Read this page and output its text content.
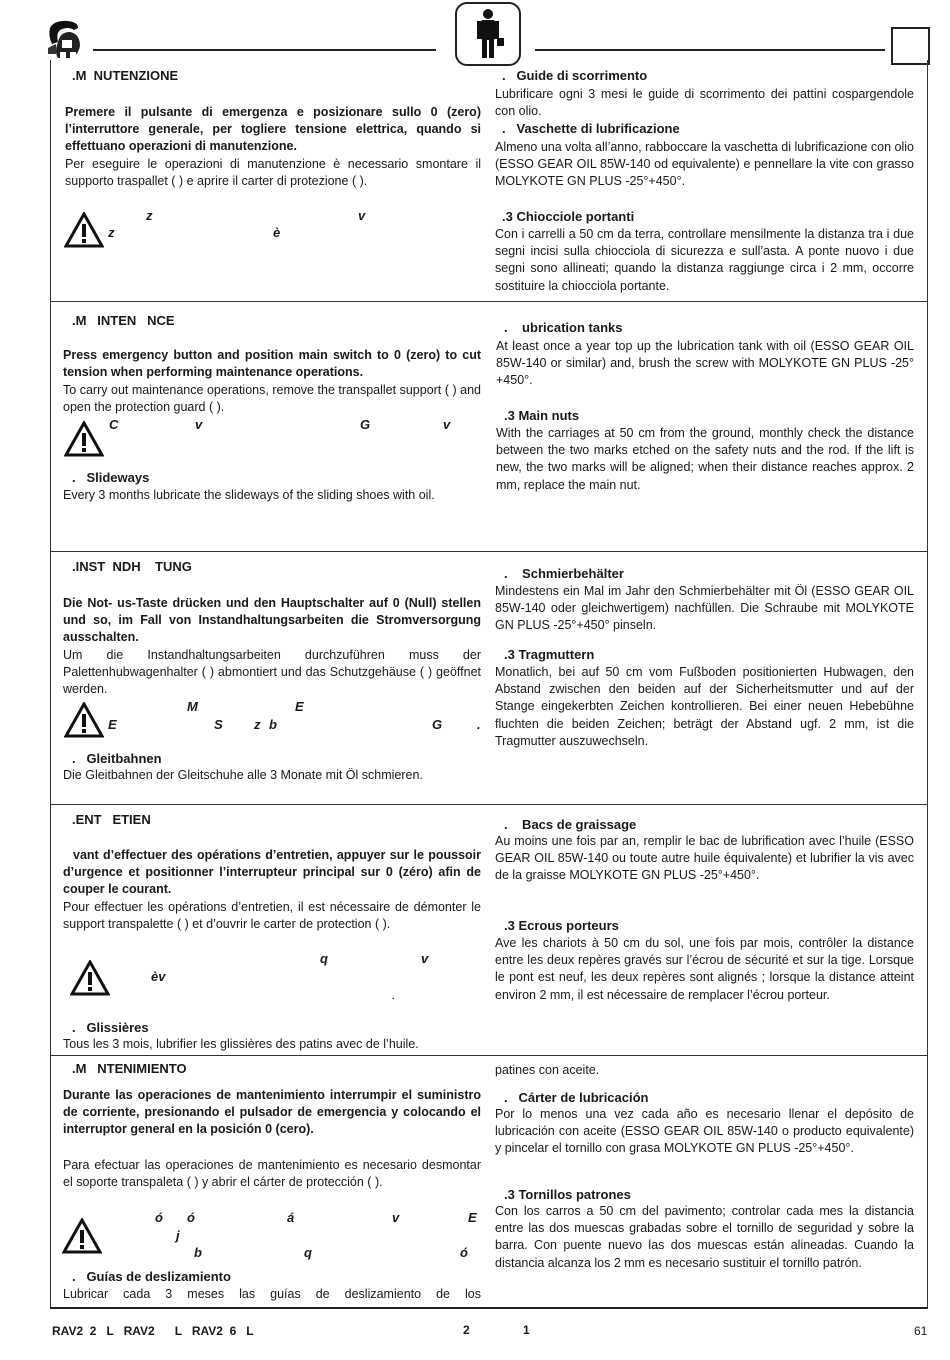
.M  NUTENZIONE

Premere il pulsante di emergenza e posizionare sullo 0 (zero) l’interruttore generale, per togliere tensione elettrica, quando si effettuano operazioni di manutenzione.

Per eseguire le operazioni di manutenzione è necessario smontare il supporto traspallet ( ) e aprire il carter di protezione ( ).

z	v
z	è
.   Guide di scorrimento

Lubrificare ogni 3 mesi le guide di scorrimento dei pattini cospargendole con olio.

.   Vaschette di lubrificazione

Almeno una volta all’anno, rabboccare la vaschetta di lubrificazione con olio (ESSO GEAR OIL 85W-140 od equivalente) e pennellare la vite con grasso MOLYKOTE GN PLUS -25°+450°.

.3 Chiocciole portanti

Con i carrelli a 50 cm da terra, controllare mensilmente la distanza tra i due segni incisi sulla chiocciola di sicurezza e sull’asta. A ponte nuovo i due segni sono allineati; quando la distanza raggiunge circa i 2 mm, occorre sostituire la chiocciola portante.

.M   INTEN   NCE

Press emergency button and position main switch to 0 (zero) to cut tension when performing maintenance operations.

To carry out maintenance operations, remove the transpallet support ( ) and open the protection guard ( ).

C	v	G	v
.   Slideways

Every 3 months lubricate the slideways of the sliding shoes with oil.

.    ubrication tanks

At least once a year top up the lubrication tank with oil (ESSO GEAR OIL 85W-140 or similar) and, brush the screw with MOLYKOTE GN PLUS -25°+450°.

.3 Main nuts

With the carriages at 50 cm from the ground, monthly check the distance between the two marks etched on the safety nuts and the rod. If the lift is new, the two marks will be aligned; when their distance reaches approx. 2 mm, replace the main nut.

.INST  NDH    TUNG

Die Not- us-Taste drücken und den Hauptschalter auf 0 (Null) stellen und so, im Fall von Instandhaltungsarbeiten die Stromversorgung ausschalten.

Um die Instandhaltungsarbeiten durchzuführen muss der Palettenhubwagenhalter ( ) abmontiert und das Schutzgehäuse ( ) geöffnet werden.

M	E
E	S z b	G	.
.   Gleitbahnen

Die Gleitbahnen der Gleitschuhe alle 3 Monate mit Öl schmieren.

.    Schmierbehälter

Mindestens ein Mal im Jahr den Schmierbehälter mit Öl (ESSO GEAR OIL 85W-140 oder gleichwertigem) nachfüllen. Die Schraube mit MOLYKOTE GN PLUS -25°+450° pinseln.

.3 Tragmuttern

Monatlich, bei auf 50 cm vom Fußboden positionierten Hubwagen, den Abstand zwischen den beiden auf der Sicherheitsmutter und auf der Stange eingekerbten Zeichen kontrollieren. Bei einer neuen Hebebühne fluchten die beiden Zeichen; beträgt der Abstand ugf. 2 mm, ist die Tragmutter auszuwechseln.

.ENT   ETIEN

vant d’effectuer des opérations d’entretien, appuyer sur le poussoir d’urgence et positionner l’interrupteur principal sur 0 (zéro) afin de couper le courant.

Pour effectuer les opérations d’entretien, il est nécessaire de démonter le support transpalette ( ) et d’ouvrir le carter de protection ( ).

q	v
èv
.
.   Glissières

Tous les 3 mois, lubrifier les glissières des patins avec de l’huile.

.    Bacs de graissage

Au moins une fois par an, remplir le bac de lubrification avec l’huile (ESSO GEAR OIL 85W-140 ou toute autre huile équivalente) et lubrifier la vis avec de la graisse MOLYKOTE GN PLUS -25°+450°.

.3 Ecrous porteurs

Ave les chariots à 50 cm du sol, une fois par mois, contrôler la distance entre les deux repères gravés sur l’écrou de sécurité et sur la tige. Lorsque le pont est neuf, les deux repères sont alignés ; lorsque la distance atteint environ 2 mm, il est nécessaire de remplacer l’écrou porteur.

.M   NTENIMIENTO

Durante las operaciones de mantenimiento interrumpir el suministro de corriente, presionando el pulsador de emergencia y colocando el interruptor general en la posición 0 (cero).

Para efectuar las operaciones de mantenimiento es necesario desmontar el soporte transpaleta ( ) y abrir el cárter de protección ( ).

ó ó	á	v	E
j
b	q	ó
.   Guías de deslizamiento

Lubricar cada 3 meses las guías de deslizamiento de los

patines con aceite.

.   Cárter de lubricación

Por lo menos una vez cada año es necesario llenar el depósito de lubricación con aceite (ESSO GEAR OIL 85W-140 o producto equivalente) y pincelar el tornillo con grasa MOLYKOTE GN PLUS -25°+450°.

.3 Tornillos patrones

Con los carros a 50 cm del pavimento; controlar cada mes la distancia entre las dos muescas grabadas sobre el tornillo de seguridad y sobre la barra. Con puente nuevo las dos muescas están alineadas. Cuando la distancia alcanza los 2 mm es necesario sustituir el tornillo patrón.

RAV2  2   L   RAV2      L   RAV2  6   L	2	1	61
